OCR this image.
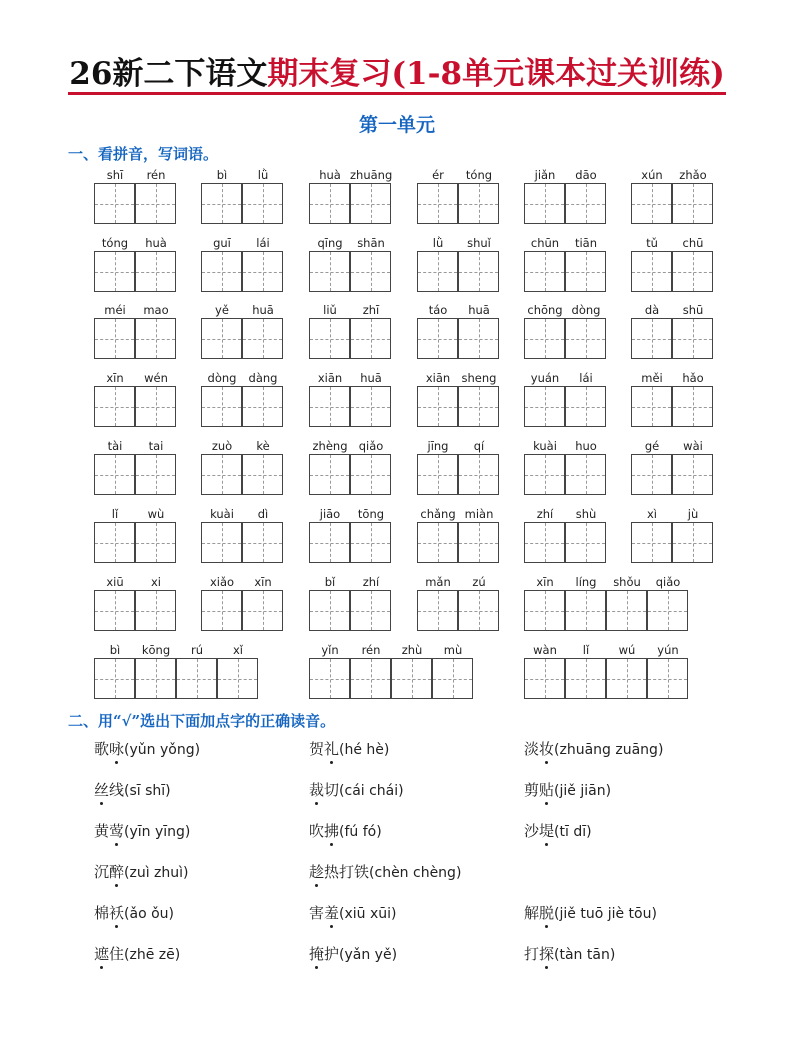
26新二下语文期末复习(1-8单元课本过关训练)
第一单元
一、看拼音，写词语。
shī	rén	bì	lǜ	huà zhuāng	ér	tóng	jiǎn	dāo	xún	zhǎo
tóng	huà	guī	lái	qīng	shān	lǜ	shuǐ	chūn	tiān	tǔ	chū
méi	mao	yě	huā	liǔ	zhī	táo	huā	chōng dòng	dà	shū
xīn	wén	dòng	dàng	xiān	huā	xiān sheng	yuán	lái	měi	hǎo
tài	tai	zuò	kè	zhèng qiǎo	jīng	qí	kuài	huo	gé	wài
lǐ	wù	kuài	dì	jiāo	tōng	chǎng miàn	zhí	shù	xì	jù
xiū	xi	xiǎo	xīn	bǐ	zhí	mǎn	zú	xīn	líng	shǒu	qiǎo
bì	kōng	rú	xǐ	yǐn	rén	zhù	mù	wàn	lǐ	wú	yún
二、用“√”选出下面加点字的正确读音。
歌咏(yǔn yǒng)	贺礼(hé hè)	淡妆(zhuāng zuāng)
丝线(sī shī)	裁切(cái chái)	剪贴(jiě jiān)
黄莺(yīn yīng)	吹拂(fú fó)	沙堤(tī dī)
沉醉(zuì zhuì)	趁热打铁(chèn chèng)
棉袄(ǎo ǒu)	害羞(xiū xūi)	解脱(jiě tuō jiè tōu)
遮住(zhē zē)	掩护(yǎn yě)	打探(tàn tān)
